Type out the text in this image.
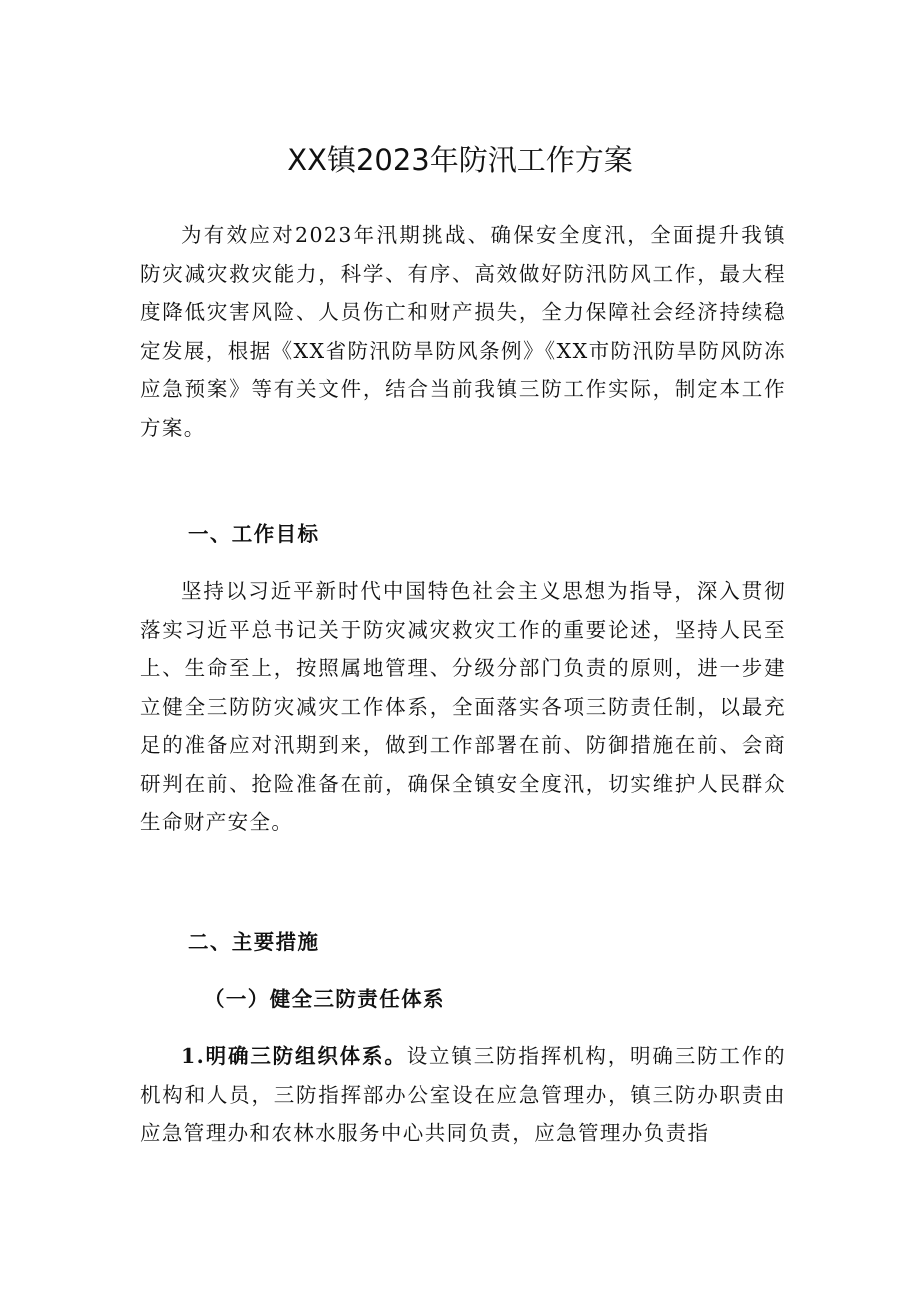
XX镇2023年防汛工作方案

为有效应对2023年汛期挑战、确保安全度汛，全面提升我镇防灾减灾救灾能力，科学、有序、高效做好防汛防风工作，最大程度降低灾害风险、人员伤亡和财产损失，全力保障社会经济持续稳定发展，根据《XX省防汛防旱防风条例》《XX市防汛防旱防风防冻应急预案》等有关文件，结合当前我镇三防工作实际，制定本工作方案。

一、工作目标

坚持以习近平新时代中国特色社会主义思想为指导，深入贯彻落实习近平总书记关于防灾减灾救灾工作的重要论述，坚持人民至上、生命至上，按照属地管理、分级分部门负责的原则，进一步建立健全三防防灾减灾工作体系，全面落实各项三防责任制，以最充足的准备应对汛期到来，做到工作部署在前、防御措施在前、会商研判在前、抢险准备在前，确保全镇安全度汛，切实维护人民群众生命财产安全。

二、主要措施
（一）健全三防责任体系

1.明确三防组织体系。设立镇三防指挥机构，明确三防工作的机构和人员，三防指挥部办公室设在应急管理办，镇三防办职责由应急管理办和农林水服务中心共同负责，应急管理办负责指
